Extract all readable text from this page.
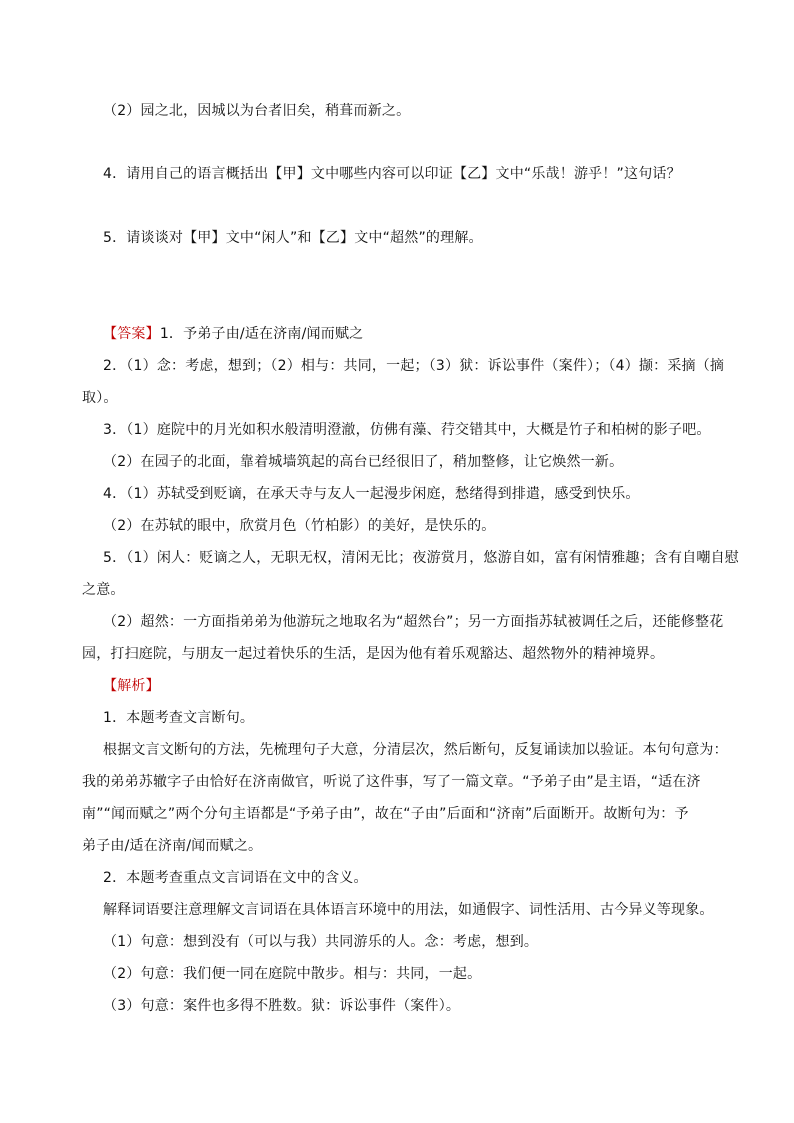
（2）园之北，因城以为台者旧矣，稍葺而新之。
4．请用自己的语言概括出【甲】文中哪些内容可以印证【乙】文中“乐哉！游乎！”这句话？
5．请谈谈对【甲】文中“闲人”和【乙】文中“超然”的理解。
【答案】1．予弟子由/适在济南/闻而赋之
2．（1）念：考虑，想到；（2）相与：共同，一起；（3）狱：诉讼事件（案件）；（4）撷：采摘（摘
取）。
3．（1）庭院中的月光如积水般清明澄澈，仿佛有藻、荇交错其中，大概是竹子和柏树的影子吧。
（2）在园子的北面，靠着城墙筑起的高台已经很旧了，稍加整修，让它焕然一新。
4．（1）苏轼受到贬谪，在承天寺与友人一起漫步闲庭，愁绪得到排遣，感受到快乐。
（2）在苏轼的眼中，欣赏月色（竹柏影）的美好，是快乐的。
5．（1）闲人：贬谪之人，无职无权，清闲无比；夜游赏月，悠游自如，富有闲情雅趣；含有自嘲自慰
之意。
（2）超然：一方面指弟弟为他游玩之地取名为“超然台”；另一方面指苏轼被调任之后，还能修整花
园，打扫庭院，与朋友一起过着快乐的生活，是因为他有着乐观豁达、超然物外的精神境界。
【解析】
1．本题考查文言断句。
根据文言文断句的方法，先梳理句子大意，分清层次，然后断句，反复诵读加以验证。本句句意为：
我的弟弟苏辙字子由恰好在济南做官，听说了这件事，写了一篇文章。“予弟子由”是主语，“适在济
南”“闻而赋之”两个分句主语都是“予弟子由”，故在“子由”后面和“济南”后面断开。故断句为：予
弟子由/适在济南/闻而赋之。
2．本题考查重点文言词语在文中的含义。
解释词语要注意理解文言词语在具体语言环境中的用法，如通假字、词性活用、古今异义等现象。
（1）句意：想到没有（可以与我）共同游乐的人。念：考虑，想到。
（2）句意：我们便一同在庭院中散步。相与：共同，一起。
（3）句意：案件也多得不胜数。狱：诉讼事件（案件）。
